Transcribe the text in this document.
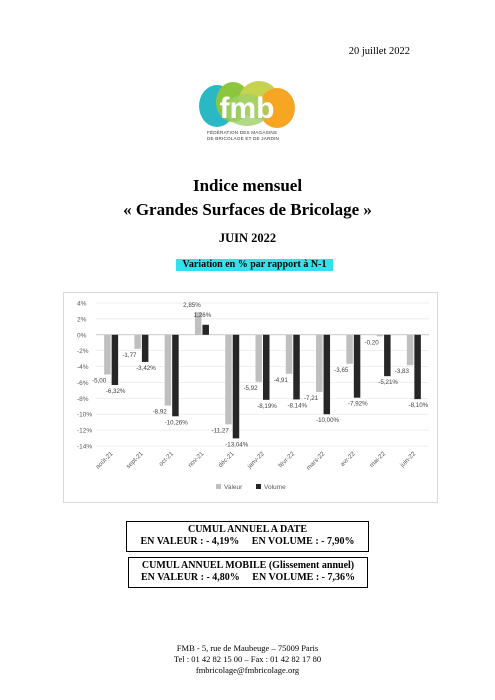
20 juillet 2022
fmb
FÉDÉRATION DES MAGASINS
DE BRICOLAGE ET DE JARDIN
Indice mensuel
« Grandes Surfaces de Bricolage »
JUIN 2022
Variation en % par rapport à N-1
4%
2%
0%
-2%
-4%
-6%
-8%
-10%
-12%
-14%
-5,00
-6,32%
août-21
-1,77
-3,42%
sept-21
-8,92
-10,26%
oct-21
2,85%
1,26%
nov-21
-11,27
-13,04%
déc-21
-5,92
-8,19%
janv-22
-4,91
-8,14%
févr-22
-7,21
-10,00%
mars-22
-3,65
-7,92%
avr-22
-0,20
-5,21%
mai-22
-3,83
-8,10%
juin-22
Valeur	Volume
CUMUL ANNUEL A DATE
EN VALEUR : - 4,19%     EN VOLUME : - 7,90%
CUMUL ANNUEL MOBILE (Glissement annuel)
EN VALEUR : - 4,80%     EN VOLUME : - 7,36%
FMB - 5, rue de Maubeuge – 75009 Paris
Tel : 01 42 82 15 00 – Fax : 01 42 82 17 80
fmbricolage@fmbricolage.org
